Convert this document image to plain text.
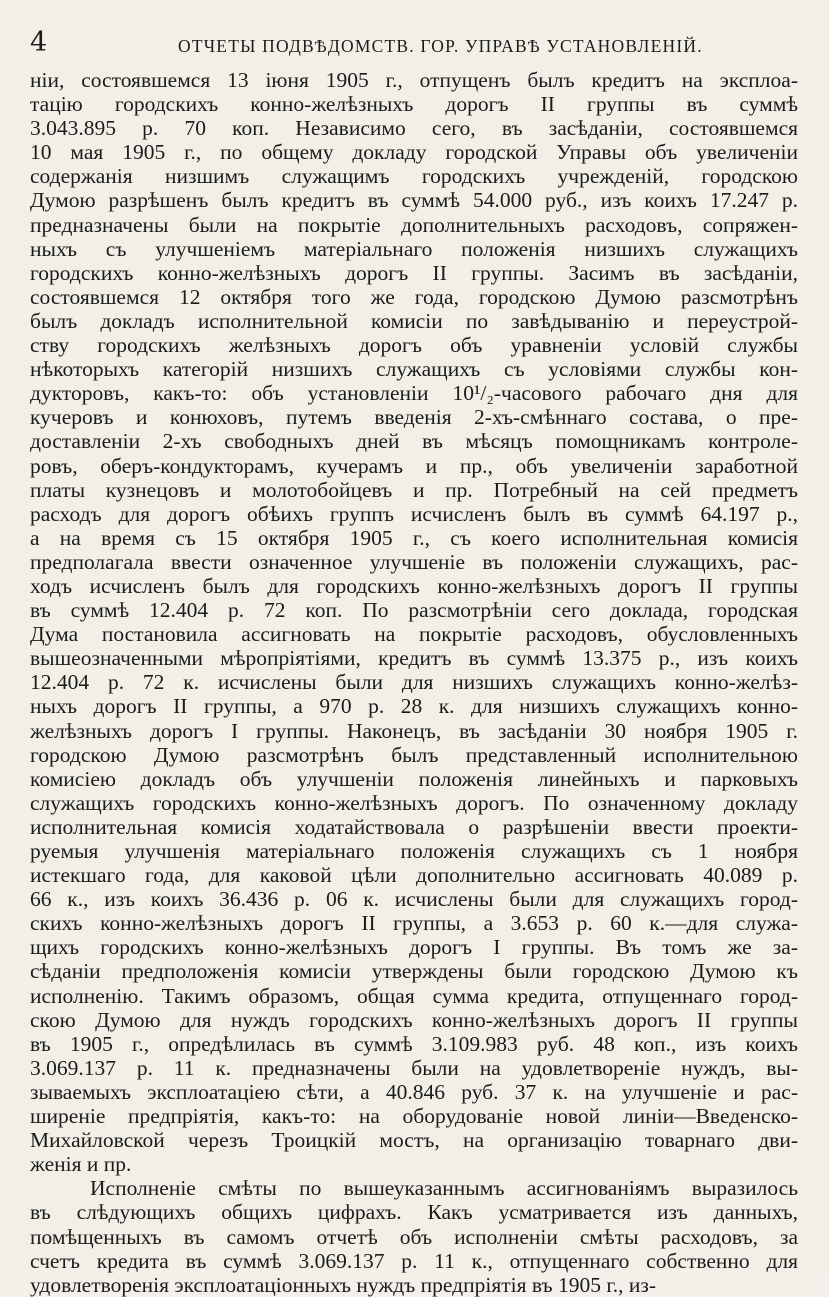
4	ОТЧЕТЫ ПОДВѢДОМСТВ. ГОР. УПРАВѢ УСТАНОВЛЕНІЙ.
ніи, состоявшемся 13 іюня 1905 г., отпущенъ былъ кредитъ на эксплоа-
тацію городскихъ конно-желѣзныхъ дорогъ II группы въ суммѣ
3.043.895 р. 70 коп. Независимо сего, въ засѣданіи, состоявшемся
10 мая 1905 г., по общему докладу городской Управы объ увеличеніи
содержанія низшимъ служащимъ городскихъ учрежденій, городскою
Думою разрѣшенъ былъ кредитъ въ суммѣ 54.000 руб., изъ коихъ 17.247 р.
предназначены были на покрытіе дополнительныхъ расходовъ, сопряжен-
ныхъ съ улучшеніемъ матеріальнаго положенія низшихъ служащихъ
городскихъ конно-желѣзныхъ дорогъ II группы. Засимъ въ засѣданіи,
состоявшемся 12 октября того же года, городскою Думою разсмотрѣнъ
былъ докладъ исполнительной комисіи по завѣдыванію и переустрой-
ству городскихъ желѣзныхъ дорогъ объ уравненіи условій службы
нѣкоторыхъ категорій низшихъ служащихъ съ условіями службы кон-
дукторовъ, какъ-то: объ установленіи 10¹/₂-часового рабочаго дня для
кучеровъ и конюховъ, путемъ введенія 2-хъ-смѣннаго состава, о пре-
доставленіи 2-хъ свободныхъ дней въ мѣсяцъ помощникамъ контроле-
ровъ, оберъ-кондукторамъ, кучерамъ и пр., объ увеличеніи заработной
платы кузнецовъ и молотобойцевъ и пр. Потребный на сей предметъ
расходъ для дорогъ обѣихъ группъ исчисленъ былъ въ суммѣ 64.197 р.,
а на время съ 15 октября 1905 г., съ коего исполнительная комисія
предполагала ввести означенное улучшеніе въ положеніи служащихъ, рас-
ходъ исчисленъ былъ для городскихъ конно-желѣзныхъ дорогъ II группы
въ суммѣ 12.404 р. 72 коп. По разсмотрѣніи сего доклада, городская
Дума постановила ассигновать на покрытіе расходовъ, обусловленныхъ
вышеозначенными мѣропріятіями, кредитъ въ суммѣ 13.375 р., изъ коихъ
12.404 р. 72 к. исчислены были для низшихъ служащихъ конно-желѣз-
ныхъ дорогъ II группы, а 970 р. 28 к. для низшихъ служащихъ конно-
желѣзныхъ дорогъ I группы. Наконецъ, въ засѣданіи 30 ноября 1905 г.
городскою Думою разсмотрѣнъ былъ представленный исполнительною
комисіею докладъ объ улучшеніи положенія линейныхъ и парковыхъ
служащихъ городскихъ конно-желѣзныхъ дорогъ. По означенному докладу
исполнительная комисія ходатайствовала о разрѣшеніи ввести проекти-
руемыя улучшенія матеріальнаго положенія служащихъ съ 1 ноября
истекшаго года, для каковой цѣли дополнительно ассигновать 40.089 р.
66 к., изъ коихъ 36.436 р. 06 к. исчислены были для служащихъ город-
скихъ конно-желѣзныхъ дорогъ II группы, а 3.653 р. 60 к.—для служа-
щихъ городскихъ конно-желѣзныхъ дорогъ I группы. Въ томъ же за-
сѣданіи предположенія комисіи утверждены были городскою Думою къ
исполненію. Такимъ образомъ, общая сумма кредита, отпущеннаго город-
скою Думою для нуждъ городскихъ конно-желѣзныхъ дорогъ II группы
въ 1905 г., опредѣлилась въ суммѣ 3.109.983 руб. 48 коп., изъ коихъ
3.069.137 р. 11 к. предназначены были на удовлетвореніе нуждъ, вы-
зываемыхъ эксплоатаціею сѣти, а 40.846 руб. 37 к. на улучшеніе и рас-
ширеніе предпріятія, какъ-то: на оборудованіе новой линіи—Введенско-
Михайловской черезъ Троицкій мостъ, на организацію товарнаго дви-
женія и пр.
Исполненіе смѣты по вышеуказаннымъ ассигнованіямъ выразилось
въ слѣдующихъ общихъ цифрахъ. Какъ усматривается изъ данныхъ,
помѣщенныхъ въ самомъ отчетѣ объ исполненіи смѣты расходовъ, за
счетъ кредита въ суммѣ 3.069.137 р. 11 к., отпущеннаго собственно для
удовлетворенія эксплоатаціонныхъ нуждъ предпріятія въ 1905 г., из-
